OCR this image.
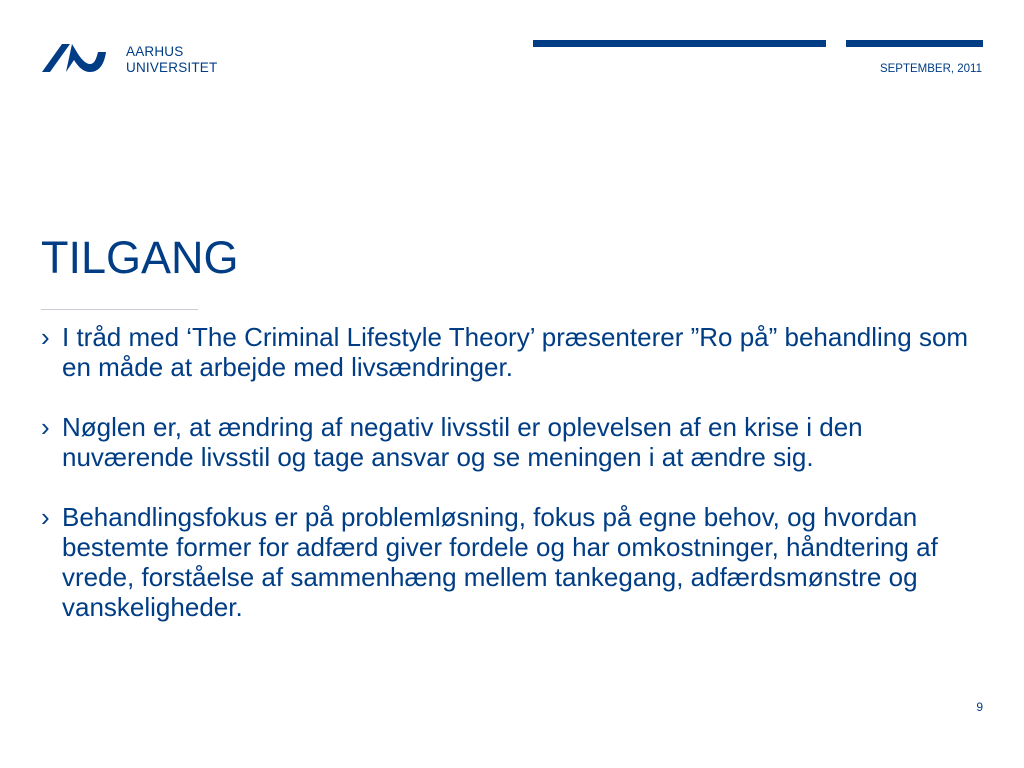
AARHUS
UNIVERSITET	SEPTEMBER, 2011
TILGANG
› I tråd med ‘The Criminal Lifestyle Theory’ præsenterer ”Ro på” behandling som en måde at arbejde med livsændringer.
› Nøglen er, at ændring af negativ livsstil er oplevelsen af en krise i den nuværende livsstil og tage ansvar og se meningen i at ændre sig.
› Behandlingsfokus er på problemløsning, fokus på egne behov, og hvordan bestemte former for adfærd giver fordele og har omkostninger, håndtering af vrede, forståelse af sammenhæng mellem tankegang, adfærdsmønstre og vanskeligheder.
9
